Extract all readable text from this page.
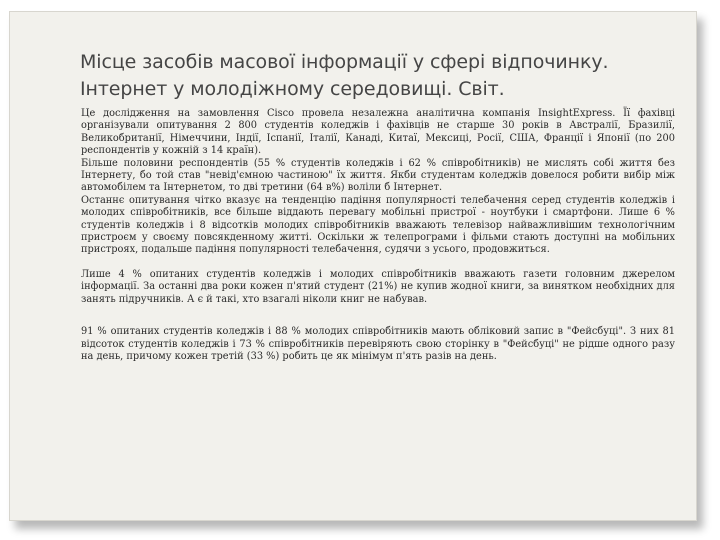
Місце засобів масової інформації у сфері відпочинку.
Інтернет у молодіжному середовищі. Світ.

Це дослідження на замовлення Cisco провела незалежна аналітична компанія InsightExpress. Її фахівці організували опитування 2 800 студентів коледжів і фахівців не старше 30 років в Австралії, Бразилії, Великобританії, Німеччини, Індії, Іспанії, Італії, Канаді, Китаї, Мексиці, Росії, США, Франції і Японії (по 200 респондентів у кожній з 14 країн).

Більше половини респондентів (55 % студентів коледжів і 62 % співробітників) не мислять собі життя без Інтернету, бо той став "невід'ємною частиною" їх життя. Якби студентам коледжів довелося робити вибір між автомобілем та Інтернетом, то дві третини (64 в%) воліли б Інтернет.

Останнє опитування чітко вказує на тенденцію падіння популярності телебачення серед студентів коледжів і молодих співробітників, все більше віддають перевагу мобільні пристрої - ноутбуки і смартфони. Лише 6 % студентів коледжів і 8 відсотків молодих співробітників вважають телевізор найважливішим технологічним пристроєм у своєму повсякденному житті. Оскільки ж телепрограми і фільми стають доступні на мобільних пристроях, подальше падіння популярності телебачення, судячи з усього, продовжиться.

Лише 4 % опитаних студентів коледжів і молодих співробітників вважають газети головним джерелом інформації. За останні два роки кожен п'ятий студент (21%) не купив жодної книги, за винятком необхідних для занять підручників. А є й такі, хто взагалі ніколи книг не набував.

91 % опитаних студентів коледжів і 88 % молодих співробітників мають обліковий запис в "Фейсбуці". З них 81 відсоток студентів коледжів і 73 % співробітників перевіряють свою сторінку в "Фейсбуці" не рідше одного разу на день, причому кожен третій (33 %) робить це як мінімум п'ять разів на день.
